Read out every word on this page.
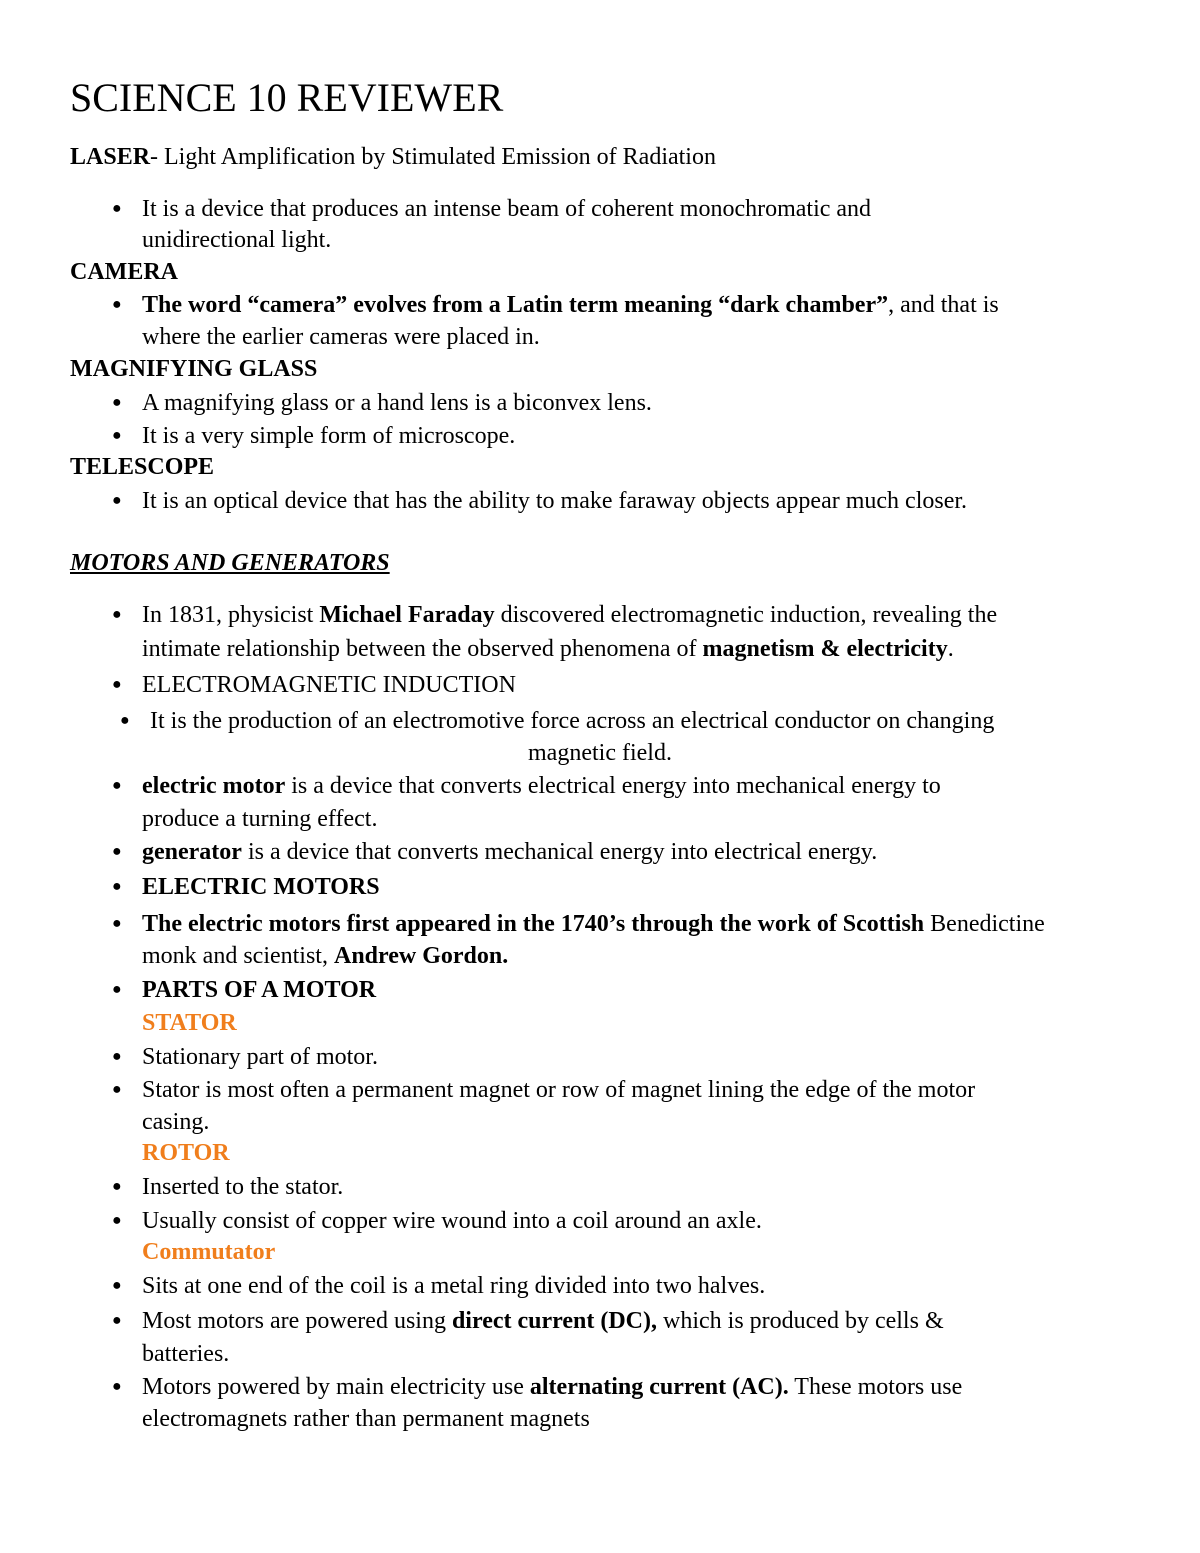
SCIENCE 10 REVIEWER
LASER- Light Amplification by Stimulated Emission of Radiation
● It is a device that produces an intense beam of coherent monochromatic and
unidirectional light.
CAMERA
● The word “camera” evolves from a Latin term meaning “dark chamber”, and that is
where the earlier cameras were placed in.
MAGNIFYING GLASS
● A magnifying glass or a hand lens is a biconvex lens.
● It is a very simple form of microscope.
TELESCOPE
● It is an optical device that has the ability to make faraway objects appear much closer.
MOTORS AND GENERATORS
● In 1831, physicist Michael Faraday discovered electromagnetic induction, revealing the
intimate relationship between the observed phenomena of magnetism & electricity.
● ELECTROMAGNETIC INDUCTION
● It is the production of an electromotive force across an electrical conductor on changing
magnetic field.
● electric motor is a device that converts electrical energy into mechanical energy to
produce a turning effect.
● generator is a device that converts mechanical energy into electrical energy.
● ELECTRIC MOTORS
● The electric motors first appeared in the 1740’s through the work of Scottish Benedictine
monk and scientist, Andrew Gordon.
● PARTS OF A MOTOR
STATOR
● Stationary part of motor.
● Stator is most often a permanent magnet or row of magnet lining the edge of the motor
casing.
ROTOR
● Inserted to the stator.
● Usually consist of copper wire wound into a coil around an axle.
Commutator
● Sits at one end of the coil is a metal ring divided into two halves.
● Most motors are powered using direct current (DC), which is produced by cells &
batteries.
● Motors powered by main electricity use alternating current (AC). These motors use
electromagnets rather than permanent magnets
